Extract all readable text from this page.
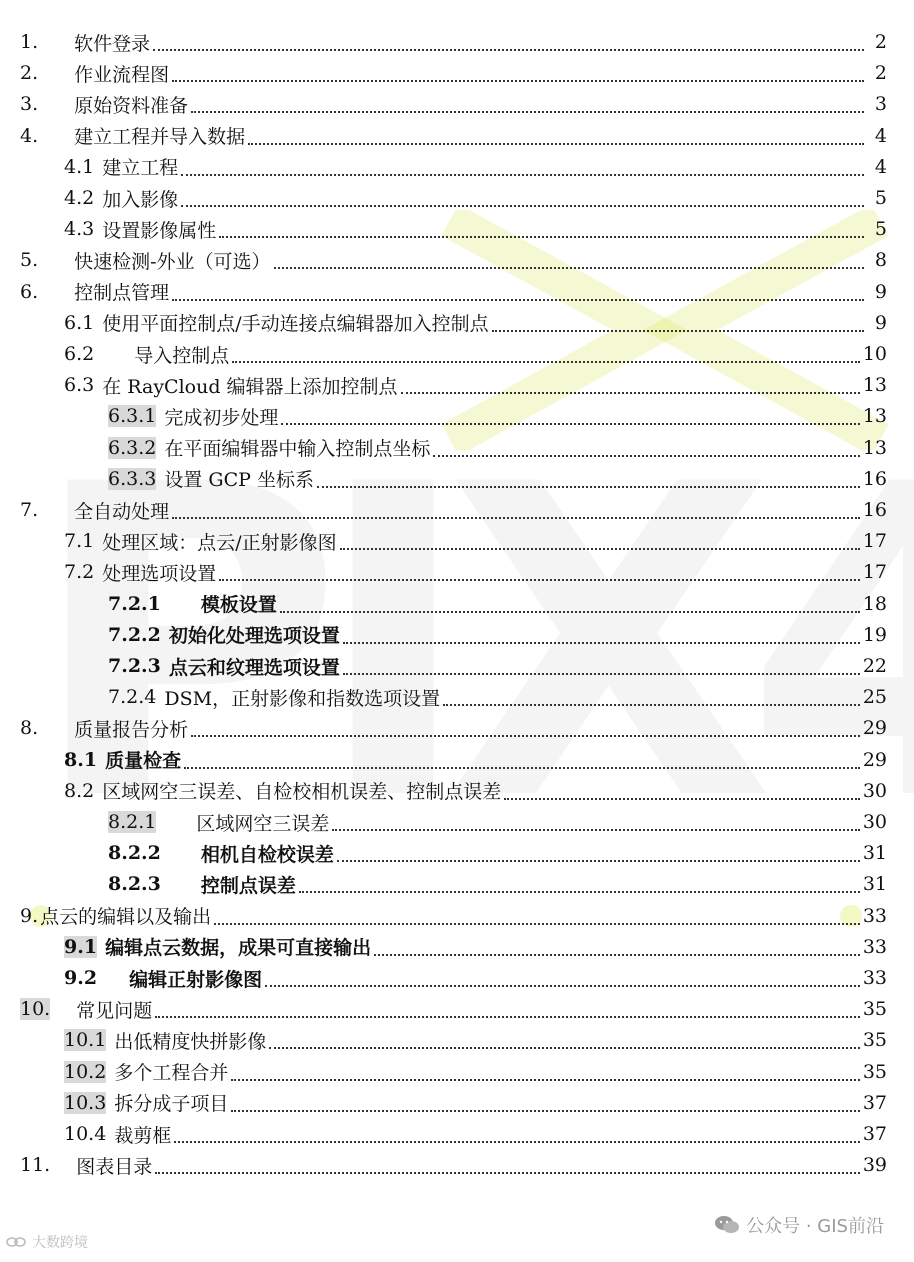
1. 软件登录	2
2. 作业流程图	2
3. 原始资料准备	3
4. 建立工程并导入数据	4
4.1 建立工程	4
4.2 加入影像	5
4.3 设置影像属性	5
5. 快速检测-外业（可选）	8
6. 控制点管理	9
6.1 使用平面控制点/手动连接点编辑器加入控制点	9
6.2 导入控制点	10
6.3 在 RayCloud 编辑器上添加控制点	13
6.3.1 完成初步处理	13
6.3.2 在平面编辑器中输入控制点坐标	13
6.3.3 设置 GCP 坐标系	16
7. 全自动处理	16
7.1 处理区域：点云/正射影像图	17
7.2 处理选项设置	17
7.2.1 模板设置	18
7.2.2 初始化处理选项设置	19
7.2.3 点云和纹理选项设置	22
7.2.4 DSM，正射影像和指数选项设置	25
8. 质量报告分析	29
8.1 质量检查	29
8.2 区域网空三误差、自检校相机误差、控制点误差	30
8.2.1 区域网空三误差	30
8.2.2 相机自检校误差	31
8.2.3 控制点误差	31
9. 点云的编辑以及输出	33
9.1 编辑点云数据，成果可直接输出	33
9.2 编辑正射影像图	33
10. 常见问题	35
10.1 出低精度快拼影像	35
10.2 多个工程合并	35
10.3 拆分成子项目	37
10.4 裁剪框	37
11. 图表目录	39
大数跨境
公众号 · GIS前沿
